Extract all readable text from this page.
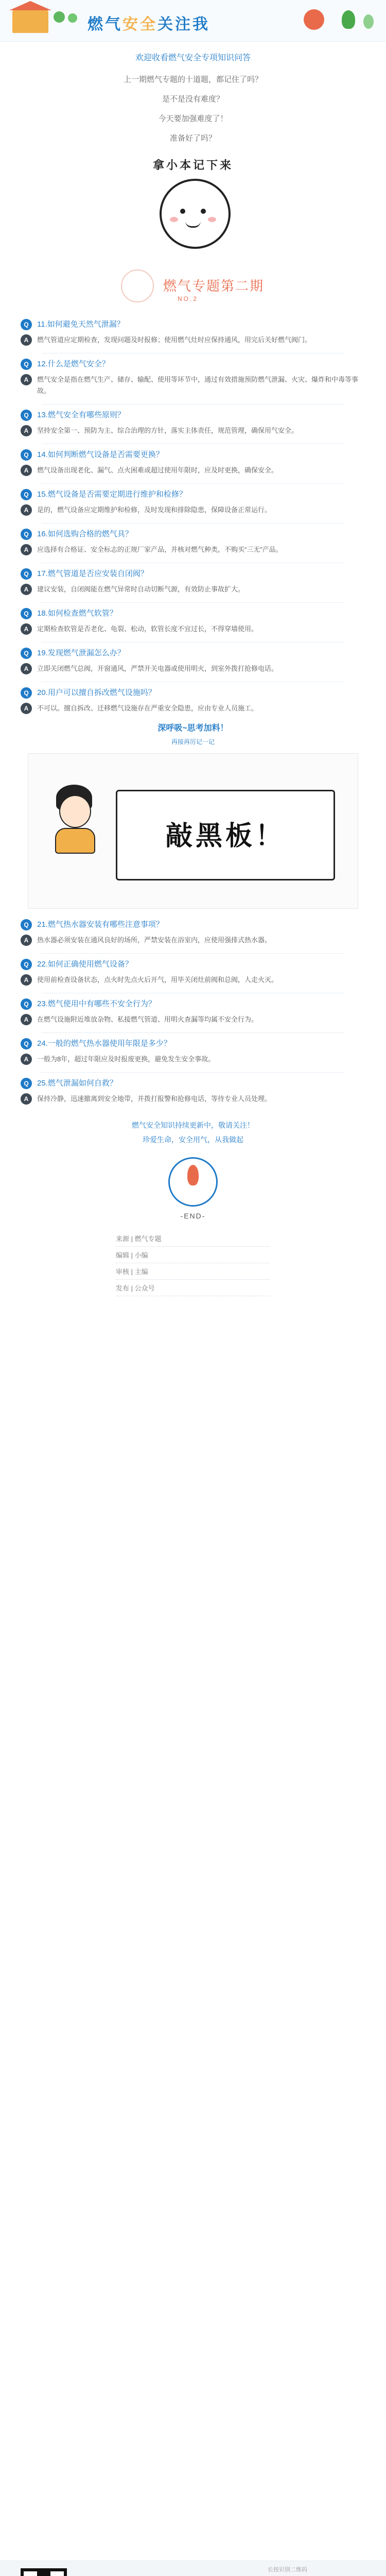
燃气安全关注我
欢迎收看燃气安全专项知识问答
上一期燃气专题的十道题，都记住了吗？
是不是没有难度？
今天要加强难度了！
准备好了吗？
拿小本记下来
燃气专题第二期
NO.2
Q	11.如何避免天然气泄漏？
A	燃气管道应定期检查，发现问题及时报修；使用燃气灶时应保持通风，用完后关好燃气阀门。
Q	12.什么是燃气安全？
A	燃气安全是指在燃气生产、储存、输配、使用等环节中，通过有效措施预防燃气泄漏、火灾、爆炸和中毒等事故。
Q	13.燃气安全有哪些原则？
A	坚持安全第一、预防为主、综合治理的方针，落实主体责任，规范管理，确保用气安全。
Q	14.如何判断燃气设备是否需要更换？
A	燃气设备出现老化、漏气、点火困难或超过使用年限时，应及时更换，确保安全。
Q	15.燃气设备是否需要定期进行维护和检修？
A	是的，燃气设备应定期维护和检修，及时发现和排除隐患，保障设备正常运行。
Q	16.如何选购合格的燃气具？
A	应选择有合格证、安全标志的正规厂家产品，并核对燃气种类，不购买“三无”产品。
Q	17.燃气管道是否应安装自闭阀？
A	建议安装，自闭阀能在燃气异常时自动切断气源，有效防止事故扩大。
Q	18.如何检查燃气软管？
A	定期检查软管是否老化、龟裂、松动，软管长度不宜过长，不得穿墙使用。
Q	19.发现燃气泄漏怎么办？
A	立即关闭燃气总阀，开窗通风，严禁开关电器或使用明火，到室外拨打抢修电话。
Q	20.用户可以擅自拆改燃气设施吗？
A	不可以。擅自拆改、迁移燃气设施存在严重安全隐患，应由专业人员施工。
深呼吸~思考加料！
再接再厉记一记
敲黑板！
Q	21.燃气热水器安装有哪些注意事项？
A	热水器必须安装在通风良好的场所，严禁安装在浴室内，应使用强排式热水器。
Q	22.如何正确使用燃气设备？
A	使用前检查设备状态，点火时先点火后开气，用毕关闭灶前阀和总阀，人走火灭。
Q	23.燃气使用中有哪些不安全行为？
A	在燃气设施附近堆放杂物、私接燃气管道、用明火查漏等均属不安全行为。
Q	24.一般的燃气热水器使用年限是多少？
A	一般为8年，超过年限应及时报废更换，避免发生安全事故。
Q	25.燃气泄漏如何自救？
A	保持冷静，迅速撤离到安全地带，并拨打报警和抢修电话，等待专业人员处理。
燃气安全知识持续更新中，敬请关注！
珍爱生命，安全用气，从我做起
-END-
来源 | 燃气专题
编辑 | 小编
审核 | 主编
发布 | 公众号
长按识别二维码
